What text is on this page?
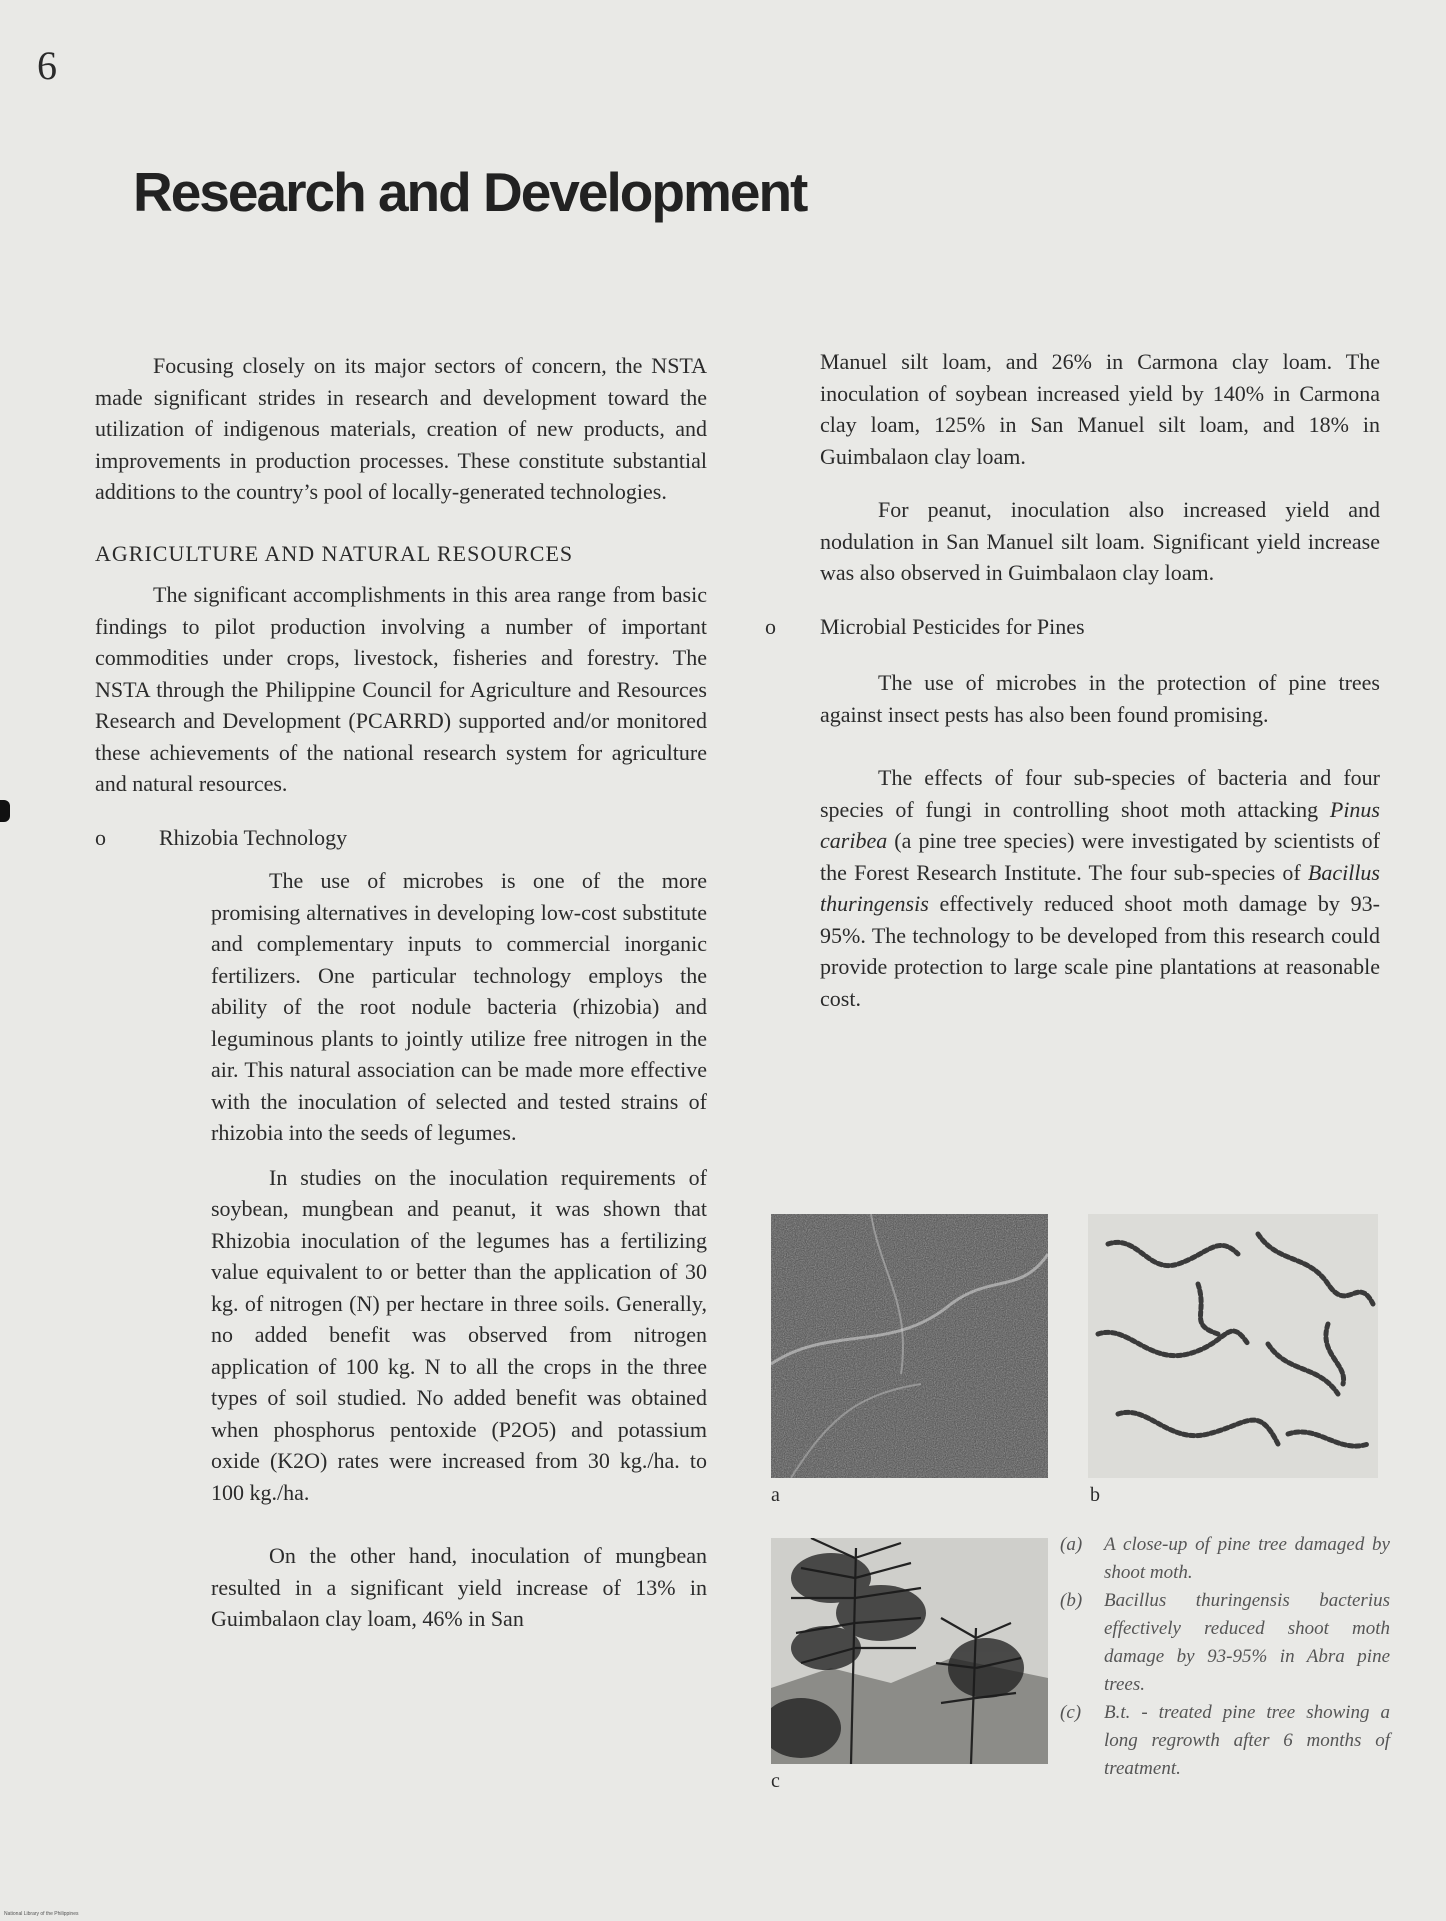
6
Research and Development

Focusing closely on its major sectors of concern, the NSTA made significant strides in research and development toward the utilization of indigenous materials, creation of new products, and improvements in production processes. These constitute substantial additions to the country’s pool of locally-generated technologies.

AGRICULTURE AND NATURAL RESOURCES

The significant accomplishments in this area range from basic findings to pilot production involving a number of important commodities under crops, livestock, fisheries and forestry. The NSTA through the Philippine Council for Agriculture and Resources Research and Development (PCARRD) supported and/or monitored these achievements of the national research system for agriculture and natural resources.

o	Rhizobia Technology

The use of microbes is one of the more promising alternatives in developing low-cost substitute and complementary inputs to commercial inorganic fertilizers. One particular technology employs the ability of the root nodule bacteria (rhizobia) and leguminous plants to jointly utilize free nitrogen in the air. This natural association can be made more effective with the inoculation of selected and tested strains of rhizobia into the seeds of legumes.

In studies on the inoculation requirements of soybean, mungbean and peanut, it was shown that Rhizobia inoculation of the legumes has a fertilizing value equivalent to or better than the application of 30 kg. of nitrogen (N) per hectare in three soils. Generally, no added benefit was observed from nitrogen application of 100 kg. N to all the crops in the three types of soil studied. No added benefit was obtained when phosphorus pentoxide (P2O5) and potassium oxide (K2O) rates were increased from 30 kg./ha. to 100 kg./ha.

On the other hand, inoculation of mungbean resulted in a significant yield increase of 13% in Guimbalaon clay loam, 46% in San

Manuel silt loam, and 26% in Carmona clay loam. The inoculation of soybean increased yield by 140% in Carmona clay loam, 125% in San Manuel silt loam, and 18% in Guimbalaon clay loam.

For peanut, inoculation also increased yield and nodulation in San Manuel silt loam. Significant yield increase was also observed in Guimbalaon clay loam.

o	Microbial Pesticides for Pines

The use of microbes in the protection of pine trees against insect pests has also been found promising.

The effects of four sub-species of bacteria and four species of fungi in controlling shoot moth attacking Pinus caribea (a pine tree species) were investigated by scientists of the Forest Research Institute. The four sub-species of Bacillus thuringensis effectively reduced shoot moth damage by 93-95%. The technology to be developed from this research could provide protection to large scale pine plantations at reasonable cost.

a	b
c
(a)	A close-up of pine tree damaged by shoot moth.
(b)	Bacillus thuringensis bacterius effectively reduced shoot moth damage by 93-95% in Abra pine trees.
(c)	B.t. - treated pine tree showing a long regrowth after 6 months of treatment.
National Library of the Philippines
